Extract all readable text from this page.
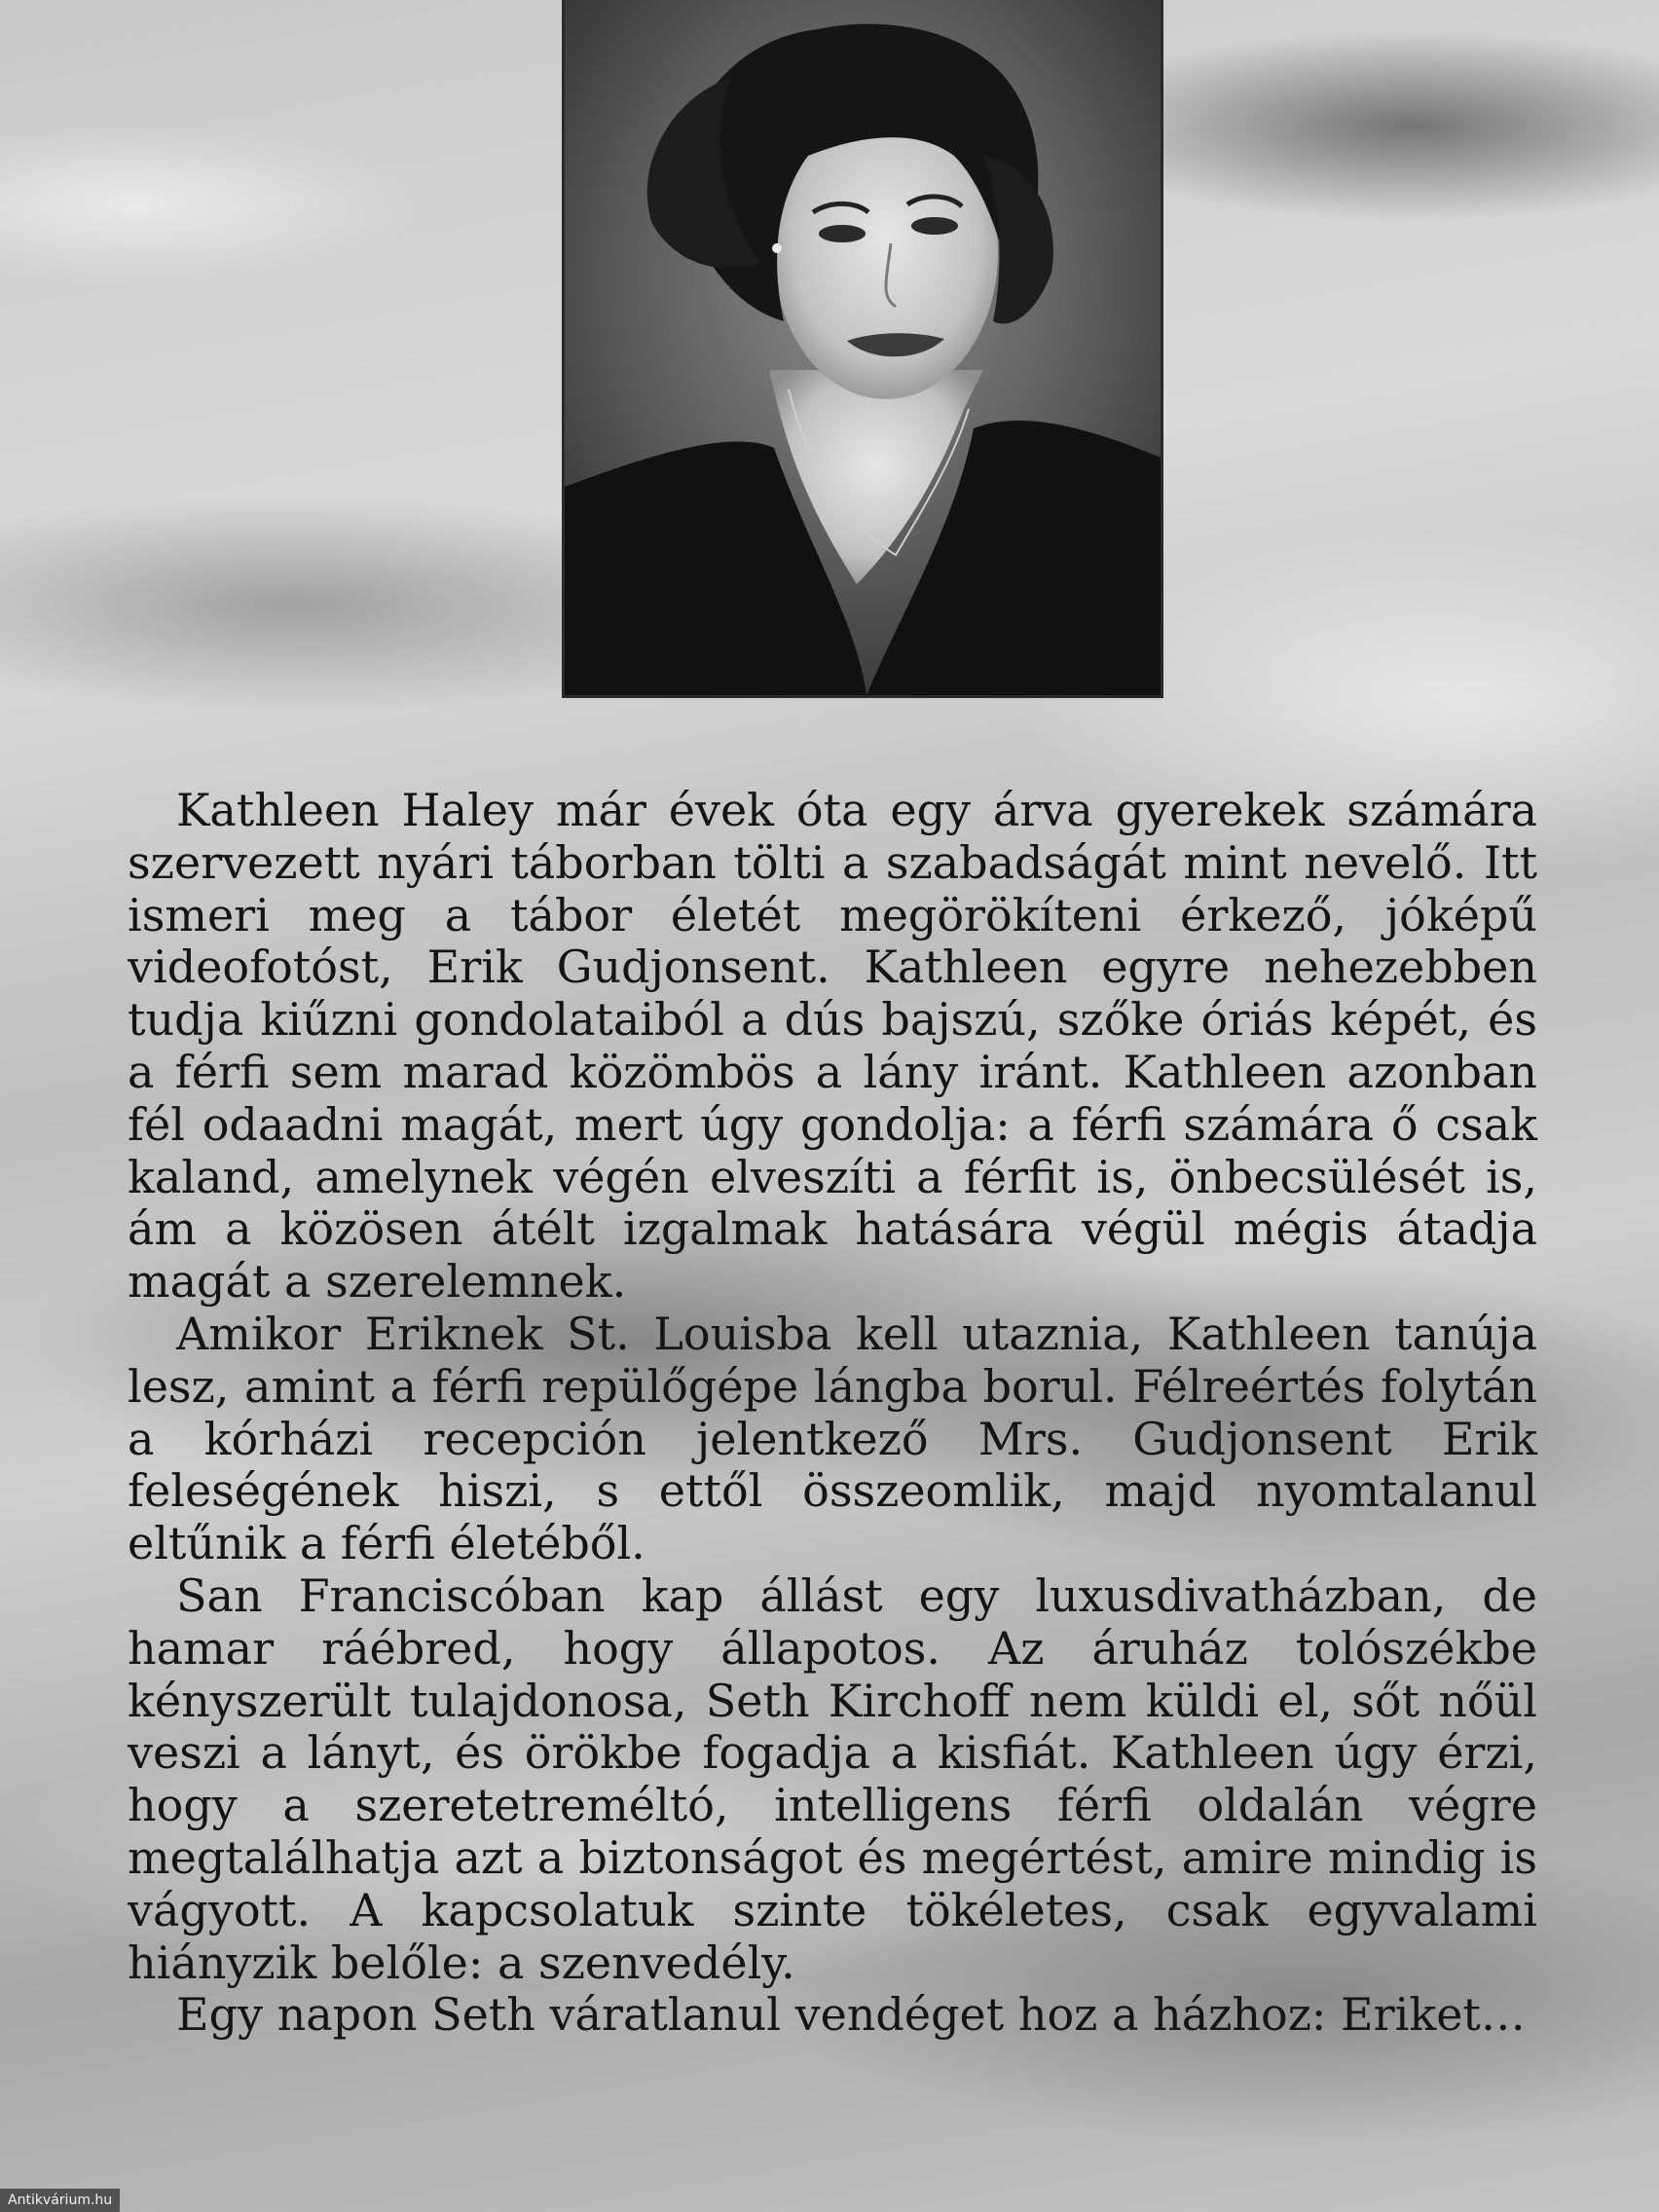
Kathleen Haley már évek óta egy árva gyerekek számára szervezett nyári táborban tölti a szabadságát mint nevelő. Itt ismeri meg a tábor életét megörökíteni érkező, jóképű videofotóst, Erik Gudjonsent. Kathleen egyre nehezebben tudja kiűzni gondolataiból a dús bajszú, szőke óriás képét, és a férfi sem marad közömbös a lány iránt. Kathleen azonban fél odaadni magát, mert úgy gondolja: a férfi számára ő csak kaland, amelynek végén elveszíti a férfit is, önbecsülését is, ám a közösen átélt izgalmak hatására végül mégis átadja magát a szerelemnek.

Amikor Eriknek St. Louisba kell utaznia, Kathleen tanúja lesz, amint a férfi repülőgépe lángba borul. Félreértés folytán a kórházi recepción jelentkező Mrs. Gudjonsent Erik feleségének hiszi, s ettől összeomlik, majd nyomtalanul eltűnik a férfi életéből.

San Franciscóban kap állást egy luxusdivatházban, de hamar ráébred, hogy állapotos. Az áruház tolószékbe kényszerült tulajdonosa, Seth Kirchoff nem küldi el, sőt nőül veszi a lányt, és örökbe fogadja a kisfiát. Kathleen úgy érzi, hogy a szeretetreméltó, intelligens férfi oldalán végre megtalálhatja azt a biztonságot és megértést, amire mindig is vágyott. A kapcsolatuk szinte tökéletes, csak egyvalami hiányzik belőle: a szenvedély.

Egy napon Seth váratlanul vendéget hoz a házhoz: Eriket…

Antikvárium.hu
